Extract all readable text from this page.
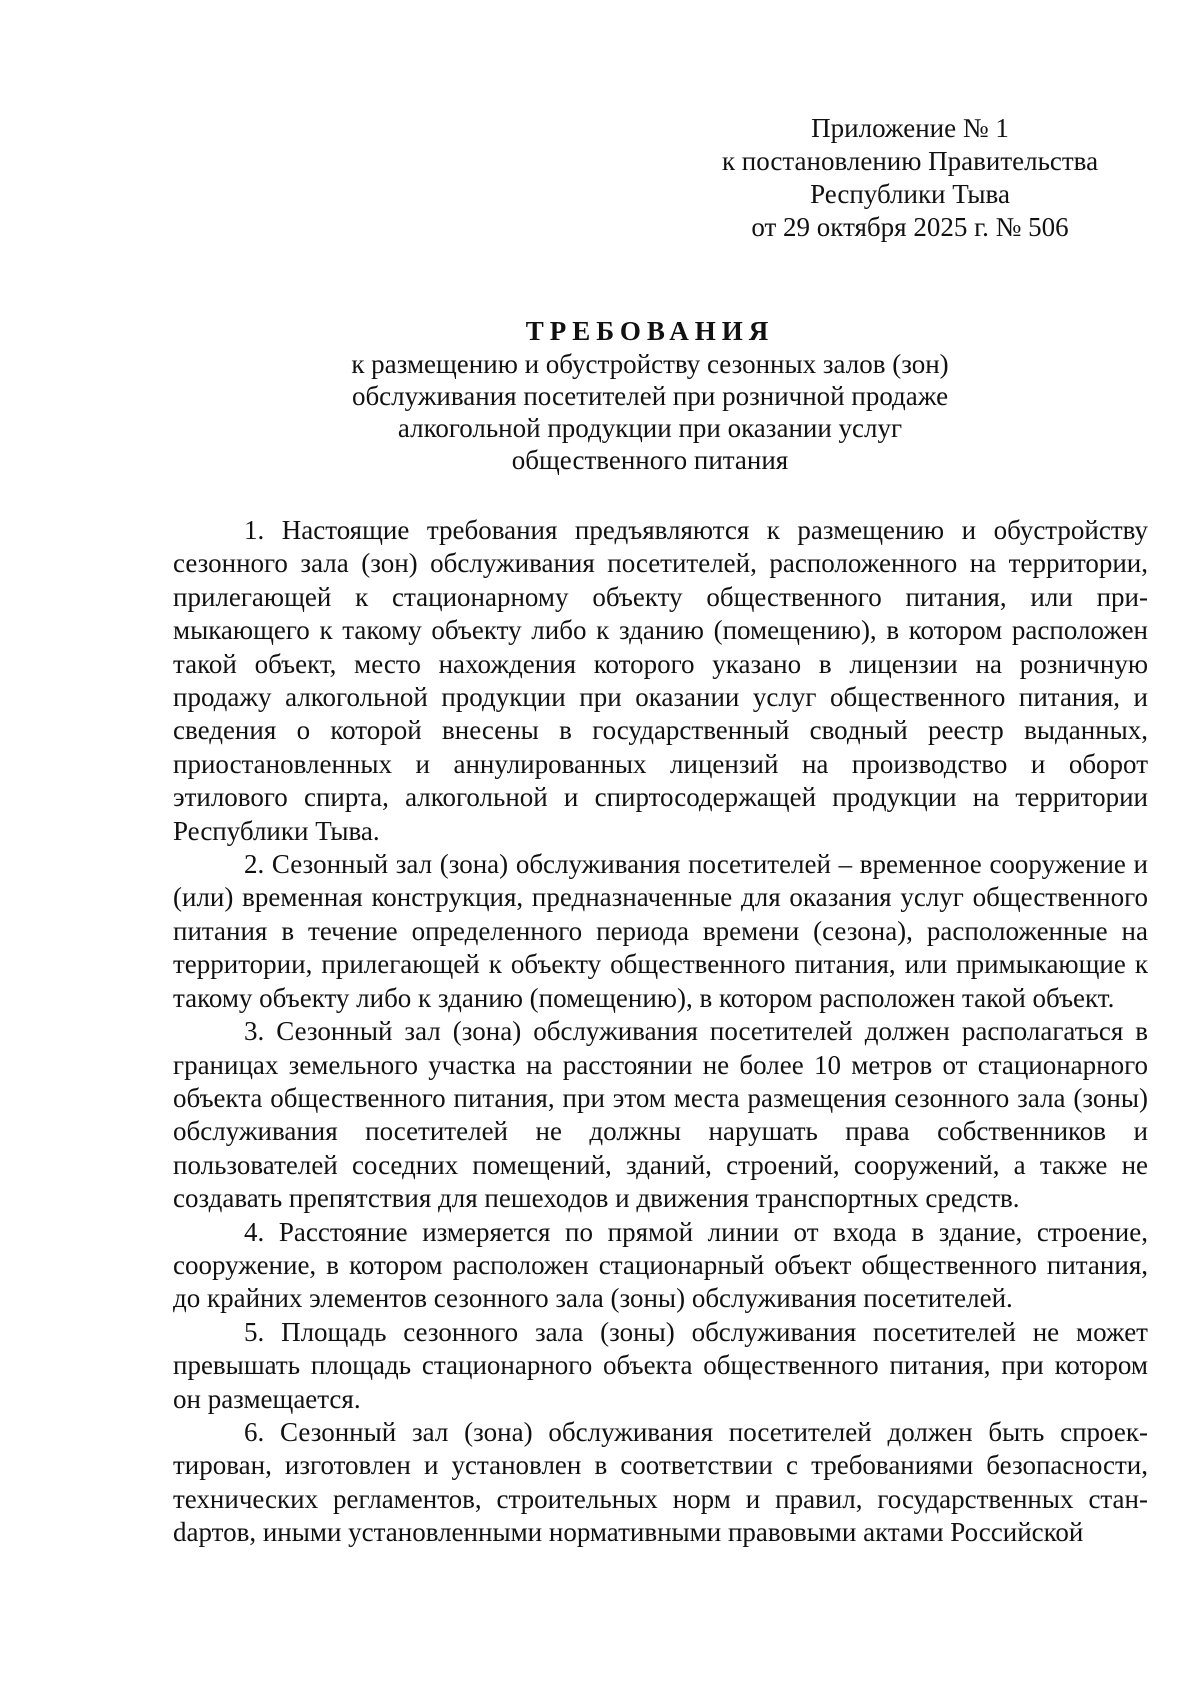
Приложение № 1
к постановлению Правительства
Республики Тыва
от 29 октября 2025 г. № 506
ТРЕБОВАНИЯ
к размещению и обустройству сезонных залов (зон)
обслуживания посетителей при розничной продаже
алкогольной продукции при оказании услуг
общественного питания

1. Настоящие требования предъявляются к размещению и обустройству сезонного зала (зон) обслуживания посетителей, расположенного на территории, прилегающей к стационарному объекту общественного питания, или примыкающего к такому объекту либо к зданию (помещению), в котором расположен такой объект, место нахождения которого указано в лицензии на розничную продажу алкогольной продукции при оказании услуг общественного питания, и сведения о которой внесены в государственный сводный реестр выданных, приостановленных и аннулированных лицензий на производство и оборот этилового спирта, алкогольной и спиртосодержащей продукции на территории Республики Тыва.

2. Сезонный зал (зона) обслуживания посетителей – временное сооружение и (или) временная конструкция, предназначенные для оказания услуг общественного питания в течение определенного периода времени (сезона), расположенные на территории, прилегающей к объекту общественного питания, или примыкающие к такому объекту либо к зданию (помещению), в котором расположен такой объект.

3. Сезонный зал (зона) обслуживания посетителей должен располагаться в границах земельного участка на расстоянии не более 10 метров от стационарного объекта общественного питания, при этом места размещения сезонного зала (зоны) обслуживания посетителей не должны нарушать права собственников и пользователей соседних помещений, зданий, строений, сооружений, а также не создавать препятствия для пешеходов и движения транспортных средств.

4. Расстояние измеряется по прямой линии от входа в здание, строение, сооружение, в котором расположен стационарный объект общественного питания, до крайних элементов сезонного зала (зоны) обслуживания посетителей.

5. Площадь сезонного зала (зоны) обслуживания посетителей не может превышать площадь стационарного объекта общественного питания, при котором он размещается.

6. Сезонный зал (зона) обслуживания посетителей должен быть спроектирован, изготовлен и установлен в соответствии с требованиями безопасности, технических регламентов, строительных норм и правил, государственных станdартов, иными установленными нормативными правовыми актами Российской
